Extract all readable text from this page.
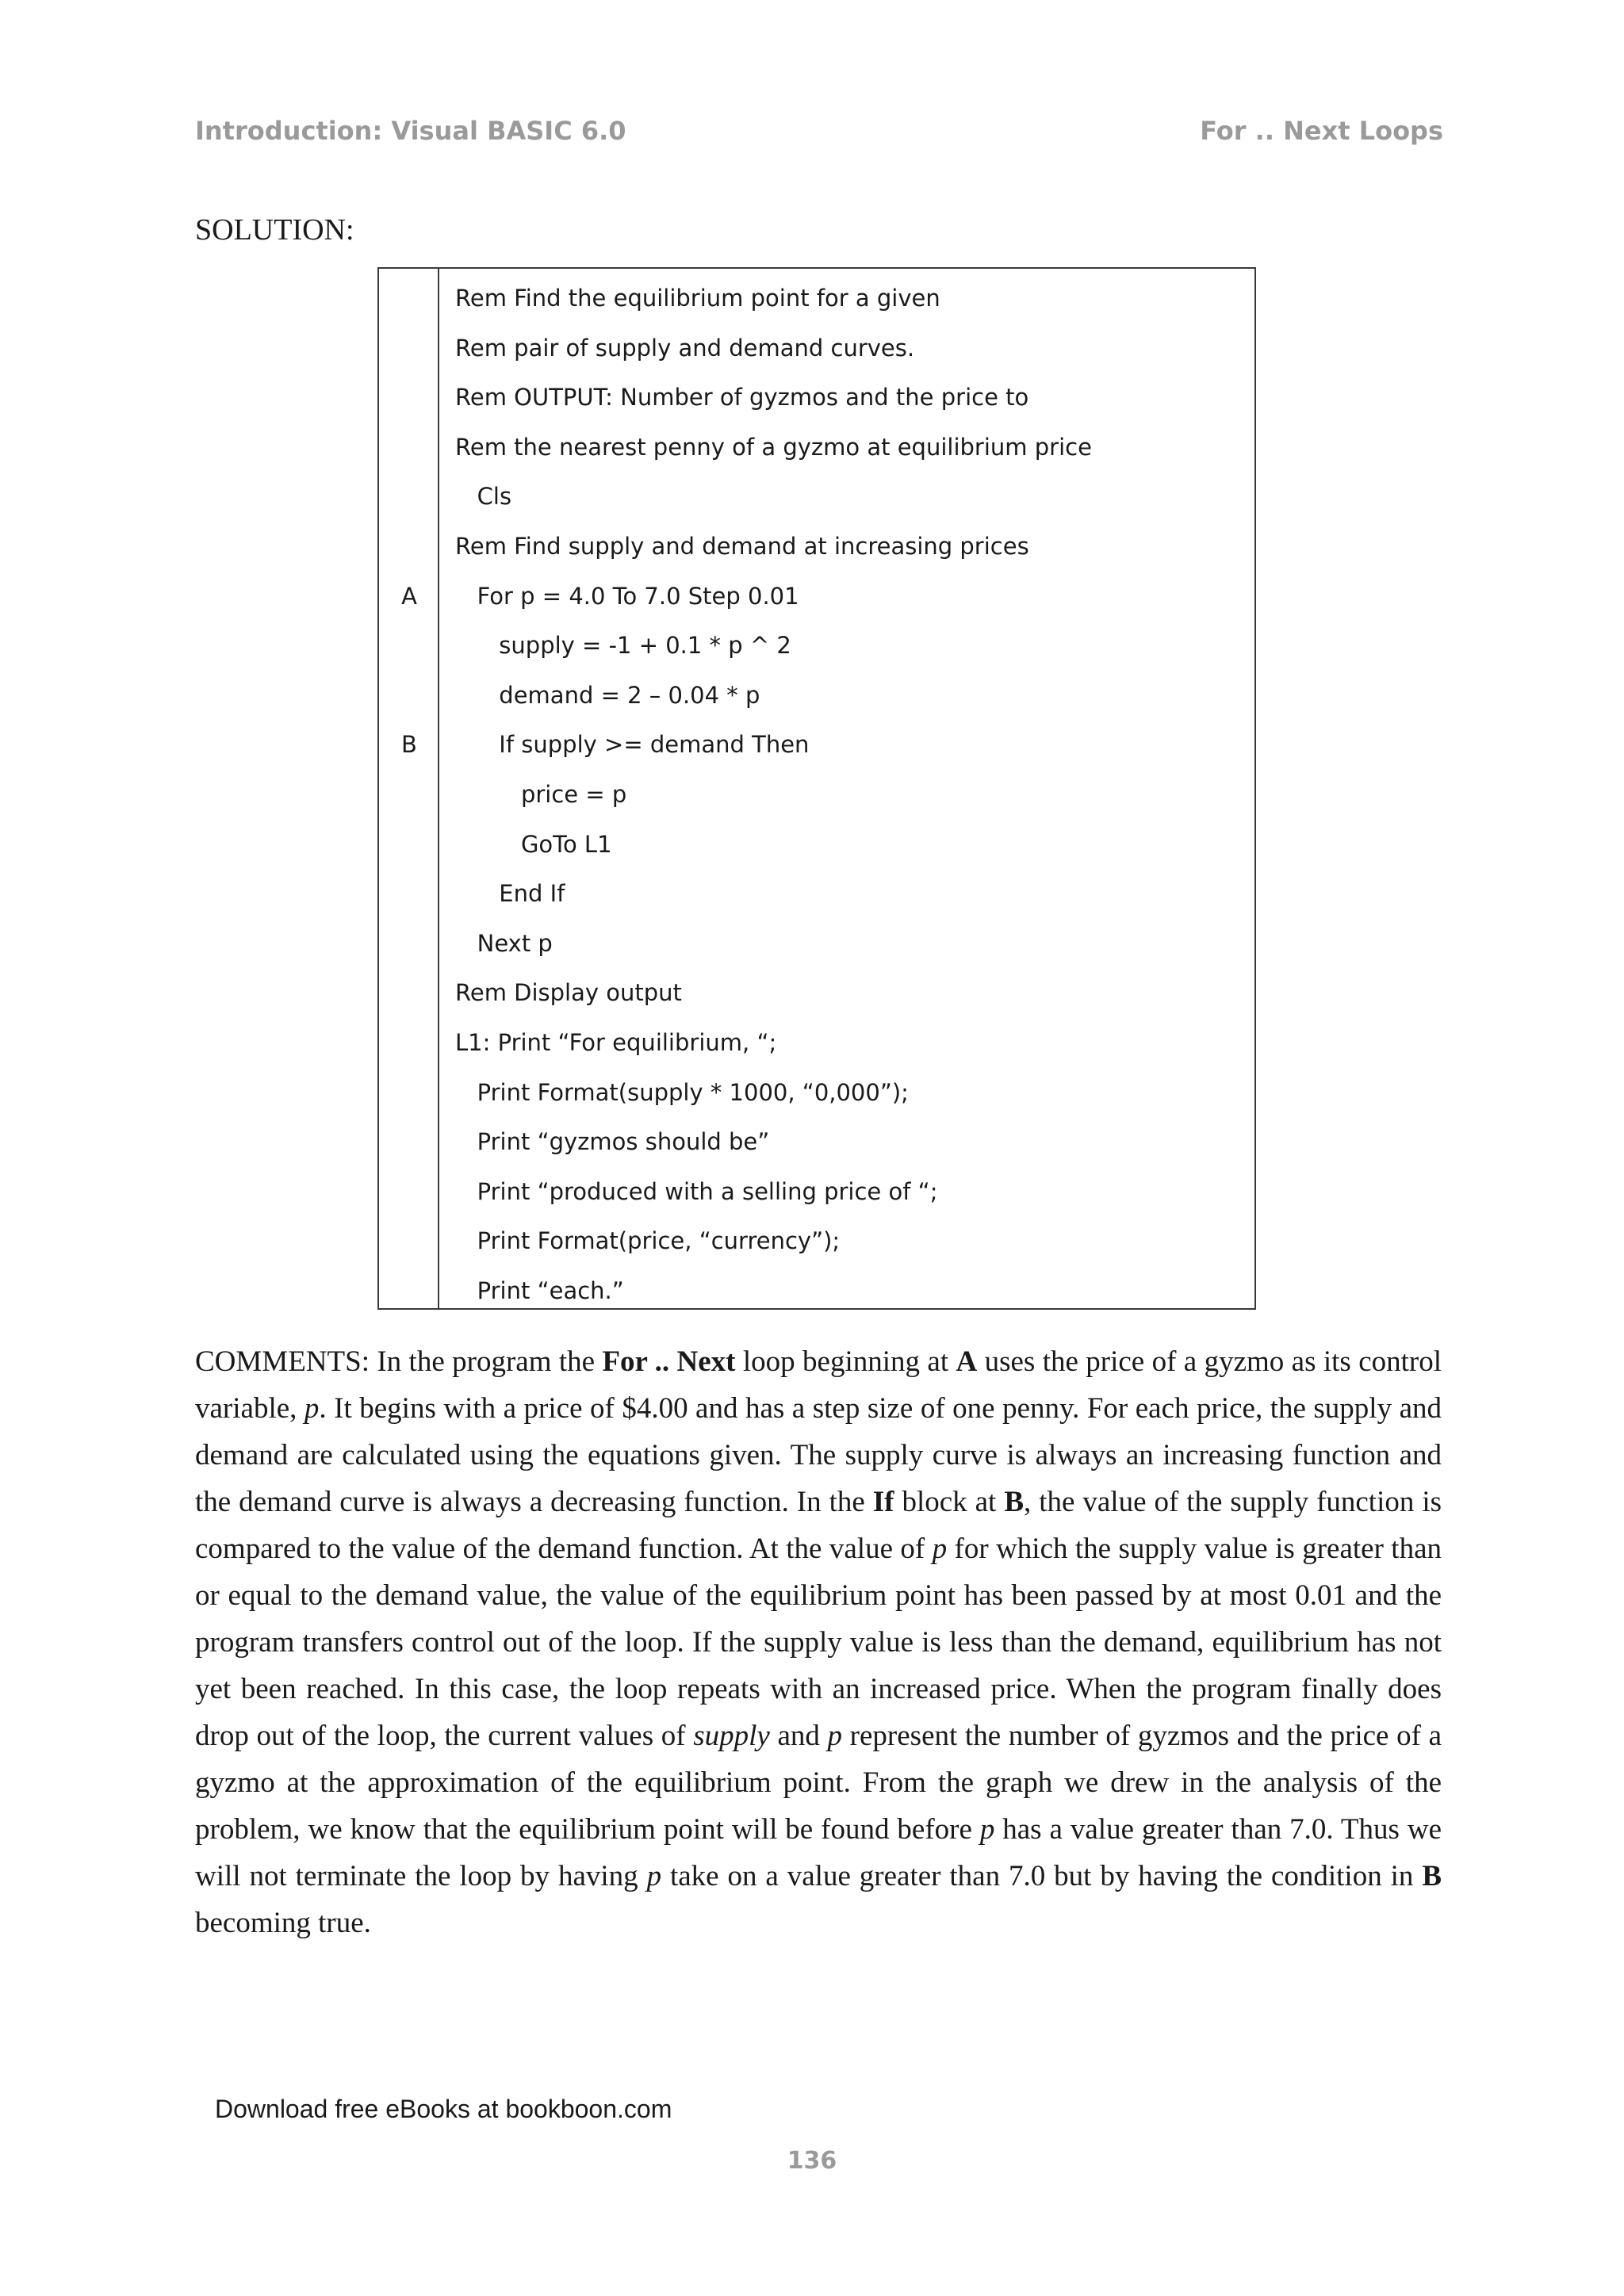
Introduction: Visual BASIC 6.0	For .. Next Loops
SOLUTION:
Rem Find the equilibrium point for a given
Rem pair of supply and demand curves.
Rem OUTPUT: Number of gyzmos and the price to
Rem the nearest penny of a gyzmo at equilibrium price
Cls
Rem Find supply and demand at increasing prices
A	For p = 4.0 To 7.0 Step 0.01
supply = -1 + 0.1 * p ^ 2
demand = 2 – 0.04 * p
B	If supply >= demand Then
price = p
GoTo L1
End If
Next p
Rem Display output
L1: Print “For equilibrium, “;
Print Format(supply * 1000, “0,000”);
Print “gyzmos should be”
Print “produced with a selling price of “;
Print Format(price, “currency”);
Print “each.”

COMMENTS: In the program the For .. Next loop beginning at A uses the price of a gyzmo as its control variable, p. It begins with a price of $4.00 and has a step size of one penny. For each price, the supply and demand are calculated using the equations given. The supply curve is always an increasing function and the demand curve is always a decreasing function. In the If block at B, the value of the supply function is compared to the value of the demand function. At the value of p for which the supply value is greater than or equal to the demand value, the value of the equilibrium point has been passed by at most 0.01 and the program transfers control out of the loop. If the supply value is less than the demand, equilibrium has not yet been reached. In this case, the loop repeats with an increased price. When the program finally does drop out of the loop, the current values of supply and p represent the number of gyzmos and the price of a gyzmo at the approximation of the equilibrium point. From the graph we drew in the analysis of the problem, we know that the equilibrium point will be found before p has a value greater than 7.0. Thus we will not terminate the loop by having p take on a value greater than 7.0 but by having the condition in B becoming true.

Download free eBooks at bookboon.com
136
